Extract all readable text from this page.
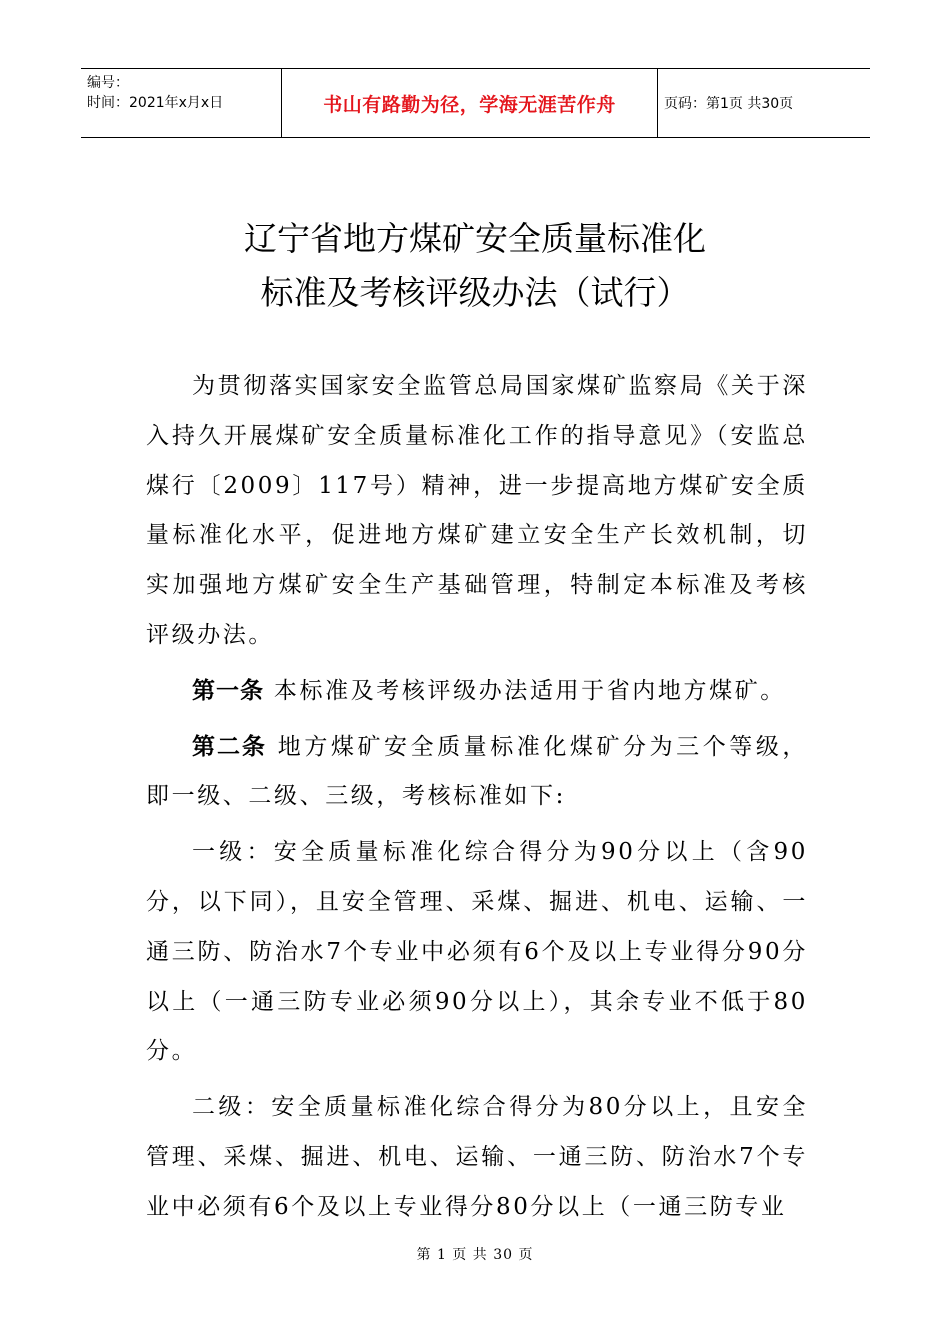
编号：
时间：2021年x月x日	书山有路勤为径，学海无涯苦作舟	页码：第1页 共30页
辽宁省地方煤矿安全质量标准化
标准及考核评级办法（试行）

为贯彻落实国家安全监管总局国家煤矿监察局《关于深入持久开展煤矿安全质量标准化工作的指导意见》（安监总煤行〔2009〕117号）精神，进一步提高地方煤矿安全质量标准化水平，促进地方煤矿建立安全生产长效机制，切实加强地方煤矿安全生产基础管理，特制定本标准及考核评级办法。

第一条 本标准及考核评级办法适用于省内地方煤矿。

第二条 地方煤矿安全质量标准化煤矿分为三个等级，即一级、二级、三级，考核标准如下:

一级：安全质量标准化综合得分为90分以上（含90分，以下同），且安全管理、采煤、掘进、机电、运输、一通三防、防治水7个专业中必须有6个及以上专业得分90分以上（一通三防专业必须90分以上），其余专业不低于80分。

二级：安全质量标准化综合得分为80分以上，且安全管理、采煤、掘进、机电、运输、一通三防、防治水7个专业中必须有6个及以上专业得分80分以上（一通三防专业

第 1 页 共 30 页
